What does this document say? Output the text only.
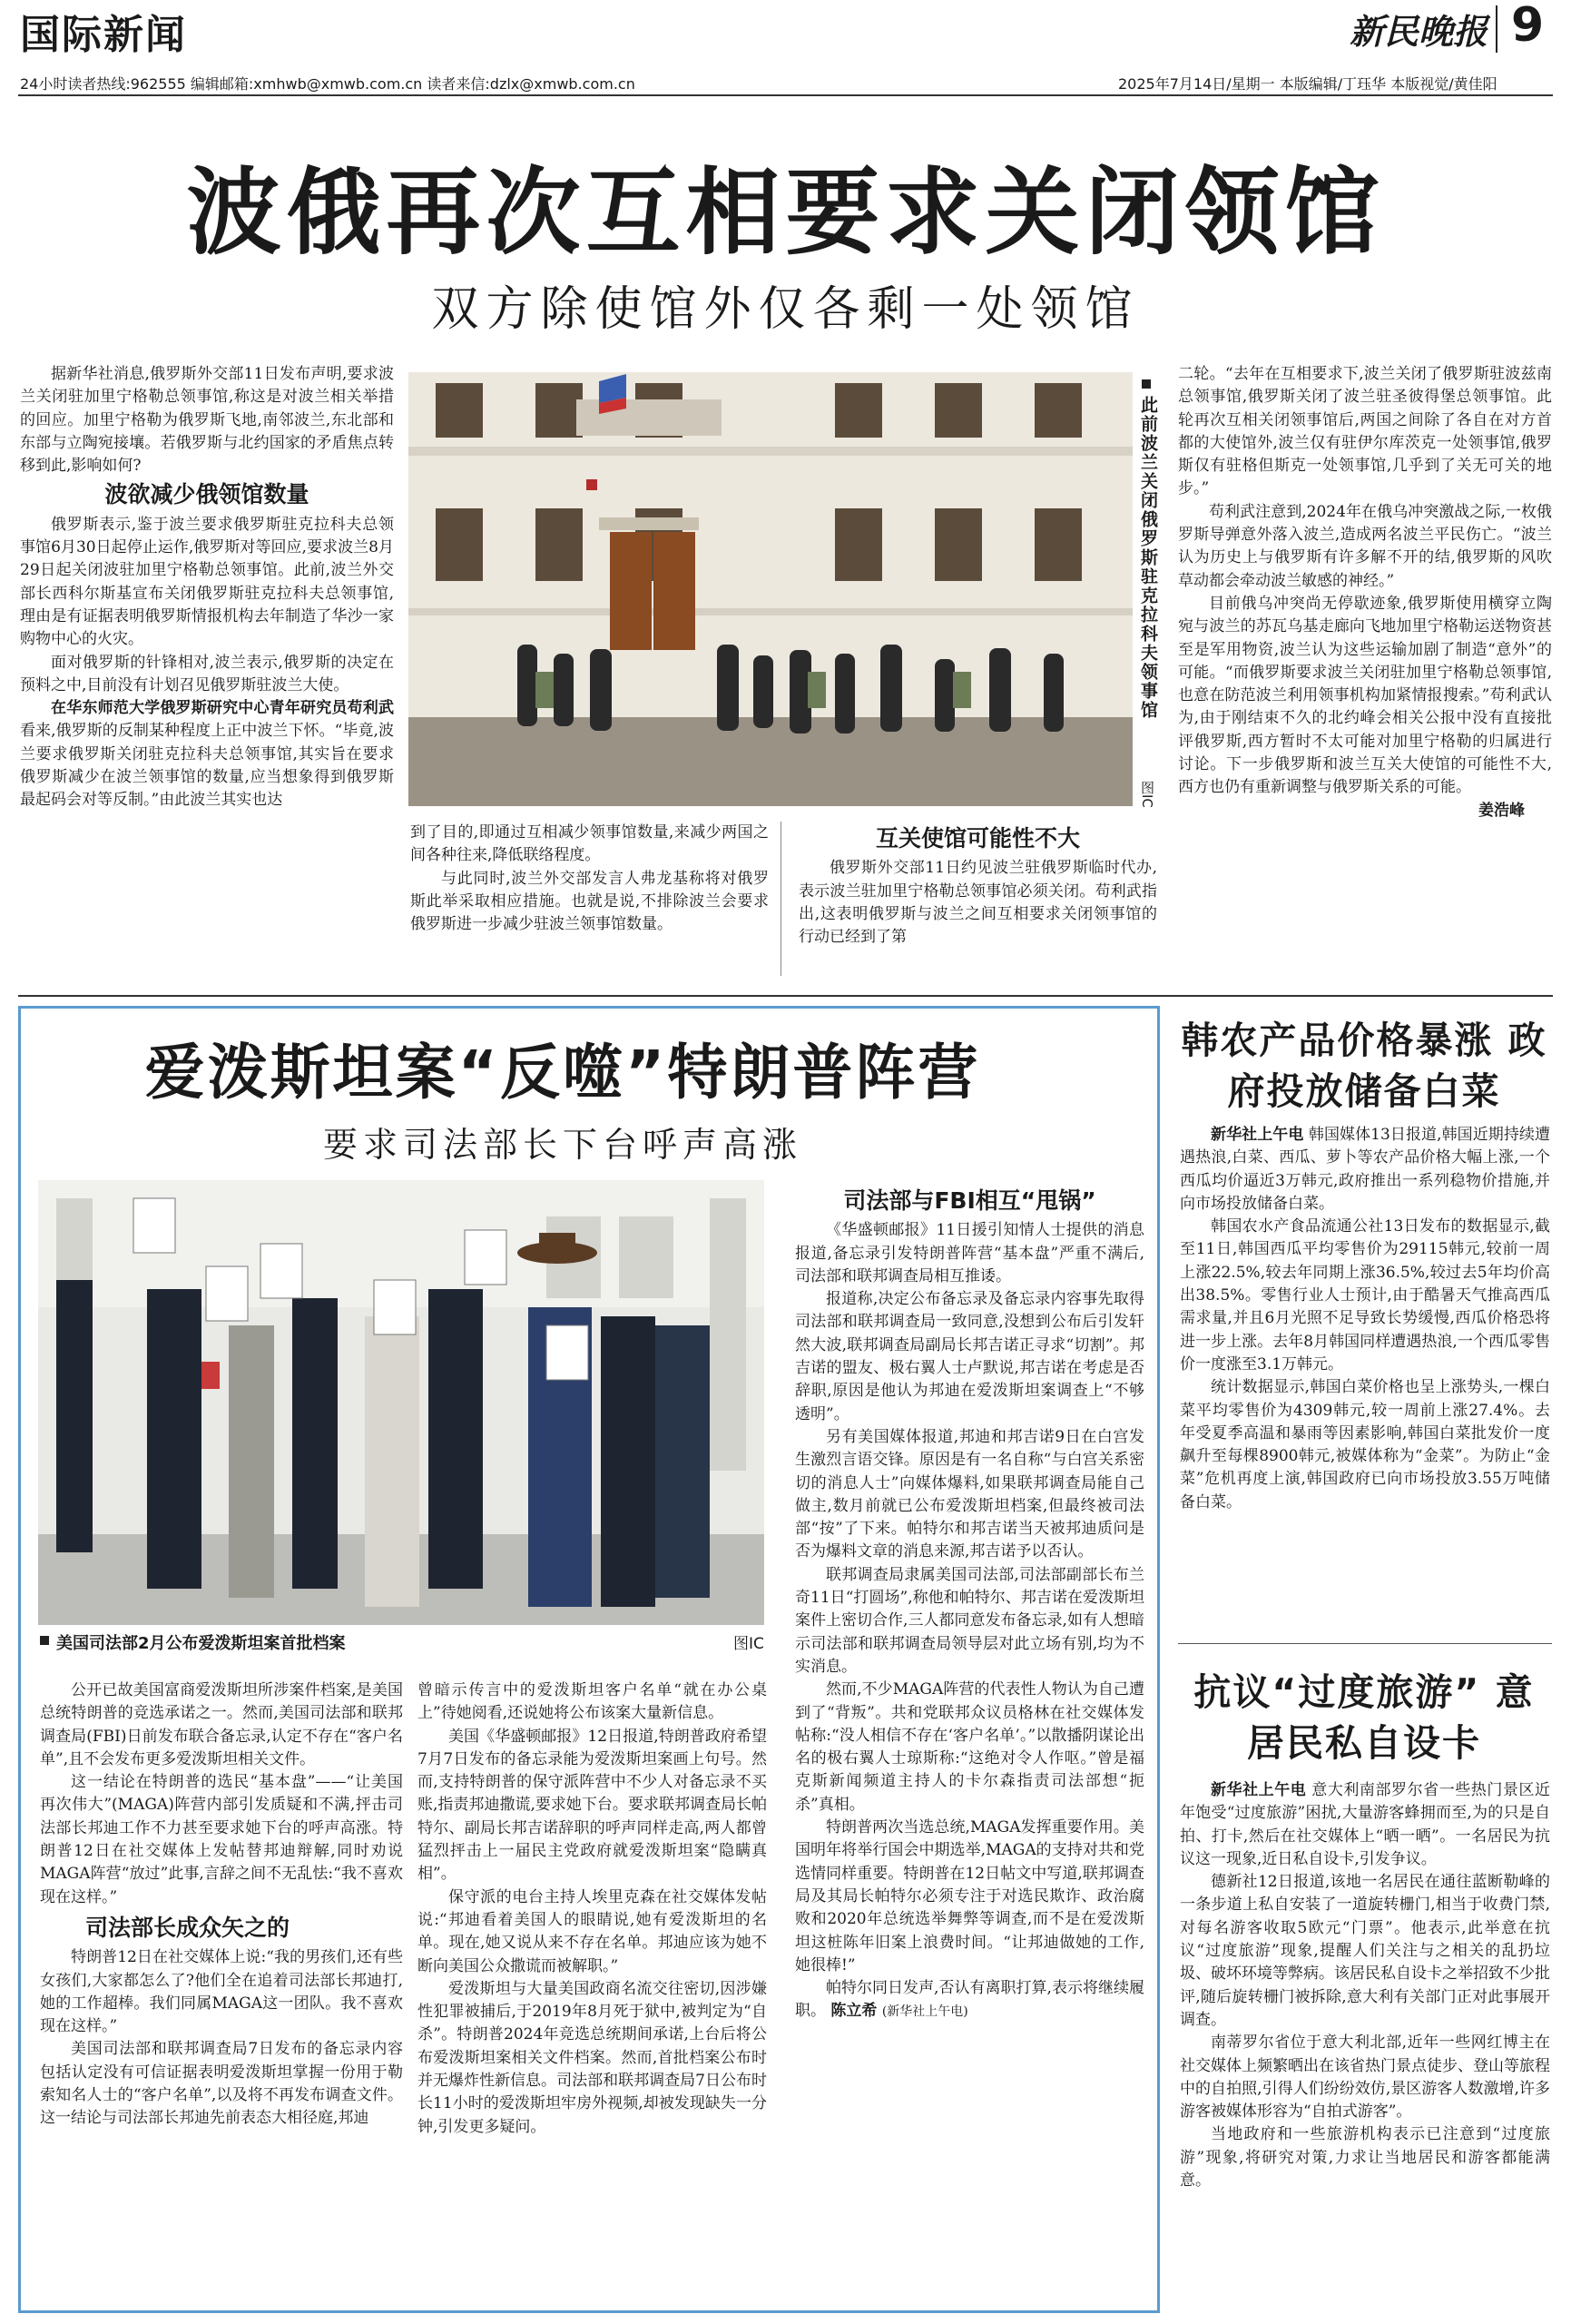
国际新闻	新民晚报 9
24小时读者热线:962555 编辑邮箱:xmhwb@xmwb.com.cn 读者来信:dzlx@xmwb.com.cn	2025年7月14日/星期一 本版编辑/丁珏华 本版视觉/黄佳阳
波俄再次互相要求关闭领馆
双方除使馆外仅各剩一处领馆

据新华社消息,俄罗斯外交部11日发布声明,要求波兰关闭驻加里宁格勒总领事馆,称这是对波兰相关举措的回应。加里宁格勒为俄罗斯飞地,南邻波兰,东北部和东部与立陶宛接壤。若俄罗斯与北约国家的矛盾焦点转移到此,影响如何?

波欲减少俄领馆数量

俄罗斯表示,鉴于波兰要求俄罗斯驻克拉科夫总领事馆6月30日起停止运作,俄罗斯对等回应,要求波兰8月29日起关闭波驻加里宁格勒总领事馆。此前,波兰外交部长西科尔斯基宣布关闭俄罗斯驻克拉科夫总领事馆,理由是有证据表明俄罗斯情报机构去年制造了华沙一家购物中心的火灾。

面对俄罗斯的针锋相对,波兰表示,俄罗斯的决定在预料之中,目前没有计划召见俄罗斯驻波兰大使。

在华东师范大学俄罗斯研究中心青年研究员苟利武看来,俄罗斯的反制某种程度上正中波兰下怀。“毕竟,波兰要求俄罗斯关闭驻克拉科夫总领事馆,其实旨在要求俄罗斯减少在波兰领事馆的数量,应当想象得到俄罗斯最起码会对等反制。”由此波兰其实也达	图IC
此前波兰关闭俄罗斯驻克拉科夫领事馆

到了目的,即通过互相减少领事馆数量,来减少两国之间各种往来,降低联络程度。

与此同时,波兰外交部发言人弗龙基称将对俄罗斯此举采取相应措施。也就是说,不排除波兰会要求俄罗斯进一步减少驻波兰领事馆数量。

互关使馆可能性不大

俄罗斯外交部11日约见波兰驻俄罗斯临时代办,表示波兰驻加里宁格勒总领事馆必须关闭。苟利武指出,这表明俄罗斯与波兰之间互相要求关闭领事馆的行动已经到了第

二轮。“去年在互相要求下,波兰关闭了俄罗斯驻波兹南总领事馆,俄罗斯关闭了波兰驻圣彼得堡总领事馆。此轮再次互相关闭领事馆后,两国之间除了各自在对方首都的大使馆外,波兰仅有驻伊尔库茨克一处领事馆,俄罗斯仅有驻格但斯克一处领事馆,几乎到了关无可关的地步。”

苟利武注意到,2024年在俄乌冲突激战之际,一枚俄罗斯导弹意外落入波兰,造成两名波兰平民伤亡。“波兰认为历史上与俄罗斯有许多解不开的结,俄罗斯的风吹草动都会牵动波兰敏感的神经。”

目前俄乌冲突尚无停歇迹象,俄罗斯使用横穿立陶宛与波兰的苏瓦乌基走廊向飞地加里宁格勒运送物资甚至是军用物资,波兰认为这些运输加剧了制造“意外”的可能。“而俄罗斯要求波兰关闭驻加里宁格勒总领事馆,也意在防范波兰利用领事机构加紧情报搜索。”苟利武认为,由于刚结束不久的北约峰会相关公报中没有直接批评俄罗斯,西方暂时不太可能对加里宁格勒的归属进行讨论。下一步俄罗斯和波兰互关大使馆的可能性不大,西方也仍有重新调整与俄罗斯关系的可能。

姜浩峰
爱泼斯坦案“反噬”特朗普阵营
要求司法部长下台呼声高涨
美国司法部2月公布爱泼斯坦案首批档案	图IC

公开已故美国富商爱泼斯坦所涉案件档案,是美国总统特朗普的竞选承诺之一。然而,美国司法部和联邦调查局(FBI)日前发布联合备忘录,认定不存在“客户名单”,且不会发布更多爱泼斯坦相关文件。

这一结论在特朗普的选民“基本盘”——“让美国再次伟大”(MAGA)阵营内部引发质疑和不满,抨击司法部长邦迪工作不力甚至要求她下台的呼声高涨。特朗普12日在社交媒体上发帖替邦迪辩解,同时劝说MAGA阵营“放过”此事,言辞之间不无乱怯:“我不喜欢现在这样。”

司法部长成众矢之的

特朗普12日在社交媒体上说:“我的男孩们,还有些女孩们,大家都怎么了?他们全在追着司法部长邦迪打,她的工作超棒。我们同属MAGA这一团队。我不喜欢现在这样。”

美国司法部和联邦调查局7日发布的备忘录内容包括认定没有可信证据表明爱泼斯坦掌握一份用于勒索知名人士的“客户名单”,以及将不再发布调查文件。这一结论与司法部长邦迪先前表态大相径庭,邦迪

曾暗示传言中的爱泼斯坦客户名单“就在办公桌上”待她阅看,还说她将公布该案大量新信息。

美国《华盛顿邮报》12日报道,特朗普政府希望7月7日发布的备忘录能为爱泼斯坦案画上句号。然而,支持特朗普的保守派阵营中不少人对备忘录不买账,指责邦迪撒谎,要求她下台。要求联邦调查局长帕特尔、副局长邦吉诺辞职的呼声同样走高,两人都曾猛烈抨击上一届民主党政府就爱泼斯坦案“隐瞒真相”。

保守派的电台主持人埃里克森在社交媒体发帖说:“邦迪看着美国人的眼睛说,她有爱泼斯坦的名单。现在,她又说从来不存在名单。邦迪应该为她不断向美国公众撒谎而被解职。”

爱泼斯坦与大量美国政商名流交往密切,因涉嫌性犯罪被捕后,于2019年8月死于狱中,被判定为“自杀”。特朗普2024年竞选总统期间承诺,上台后将公布爱泼斯坦案相关文件档案。然而,首批档案公布时并无爆炸性新信息。司法部和联邦调查局7日公布时长11小时的爱泼斯坦牢房外视频,却被发现缺失一分钟,引发更多疑问。

司法部与FBI相互“甩锅”

《华盛顿邮报》11日援引知情人士提供的消息报道,备忘录引发特朗普阵营“基本盘”严重不满后,司法部和联邦调查局相互推诿。

报道称,决定公布备忘录及备忘录内容事先取得司法部和联邦调查局一致同意,没想到公布后引发轩然大波,联邦调查局副局长邦吉诺正寻求“切割”。邦吉诺的盟友、极右翼人士卢默说,邦吉诺在考虑是否辞职,原因是他认为邦迪在爱泼斯坦案调查上“不够透明”。

另有美国媒体报道,邦迪和邦吉诺9日在白宫发生激烈言语交锋。原因是有一名自称“与白宫关系密切的消息人士”向媒体爆料,如果联邦调查局能自己做主,数月前就已公布爱泼斯坦档案,但最终被司法部“按”了下来。帕特尔和邦吉诺当天被邦迪质问是否为爆料文章的消息来源,邦吉诺予以否认。

联邦调查局隶属美国司法部,司法部副部长布兰奇11日“打圆场”,称他和帕特尔、邦吉诺在爱泼斯坦案件上密切合作,三人都同意发布备忘录,如有人想暗示司法部和联邦调查局领导层对此立场有别,均为不实消息。

然而,不少MAGA阵营的代表性人物认为自己遭到了“背叛”。共和党联邦众议员格林在社交媒体发帖称:“没人相信不存在‘客户名单’。”以散播阴谋论出名的极右翼人士琼斯称:“这绝对令人作呕。”曾是福克斯新闻频道主持人的卡尔森指责司法部想“扼杀”真相。

特朗普两次当选总统,MAGA发挥重要作用。美国明年将举行国会中期选举,MAGA的支持对共和党选情同样重要。特朗普在12日帖文中写道,联邦调查局及其局长帕特尔必须专注于对选民欺诈、政治腐败和2020年总统选举舞弊等调查,而不是在爱泼斯坦这桩陈年旧案上浪费时间。“让邦迪做她的工作,她很棒!”

帕特尔同日发声,否认有离职打算,表示将继续履职。 陈立希 (新华社上午电)

韩农产品价格暴涨 政府投放储备白菜

新华社上午电 韩国媒体13日报道,韩国近期持续遭遇热浪,白菜、西瓜、萝卜等农产品价格大幅上涨,一个西瓜均价逼近3万韩元,政府推出一系列稳物价措施,并向市场投放储备白菜。

韩国农水产食品流通公社13日发布的数据显示,截至11日,韩国西瓜平均零售价为29115韩元,较前一周上涨22.5%,较去年同期上涨36.5%,较过去5年均价高出38.5%。零售行业人士预计,由于酷暑天气推高西瓜需求量,并且6月光照不足导致长势缓慢,西瓜价格恐将进一步上涨。去年8月韩国同样遭遇热浪,一个西瓜零售价一度涨至3.1万韩元。

统计数据显示,韩国白菜价格也呈上涨势头,一棵白菜平均零售价为4309韩元,较一周前上涨27.4%。去年受夏季高温和暴雨等因素影响,韩国白菜批发价一度飙升至每棵8900韩元,被媒体称为“金菜”。为防止“金菜”危机再度上演,韩国政府已向市场投放3.55万吨储备白菜。

抗议“过度旅游” 意居民私自设卡

新华社上午电 意大利南部罗尔省一些热门景区近年饱受“过度旅游”困扰,大量游客蜂拥而至,为的只是自拍、打卡,然后在社交媒体上“晒一晒”。一名居民为抗议这一现象,近日私自设卡,引发争议。

德新社12日报道,该地一名居民在通往蓝断勒峰的一条步道上私自安装了一道旋转栅门,相当于收费门禁,对每名游客收取5欧元“门票”。他表示,此举意在抗议“过度旅游”现象,提醒人们关注与之相关的乱扔垃圾、破坏环境等弊病。该居民私自设卡之举招致不少批评,随后旋转栅门被拆除,意大利有关部门正对此事展开调查。

南蒂罗尔省位于意大利北部,近年一些网红博主在社交媒体上频繁晒出在该省热门景点徒步、登山等旅程中的自拍照,引得人们纷纷效仿,景区游客人数激增,许多游客被媒体形容为“自拍式游客”。

当地政府和一些旅游机构表示已注意到“过度旅游”现象,将研究对策,力求让当地居民和游客都能满意。
